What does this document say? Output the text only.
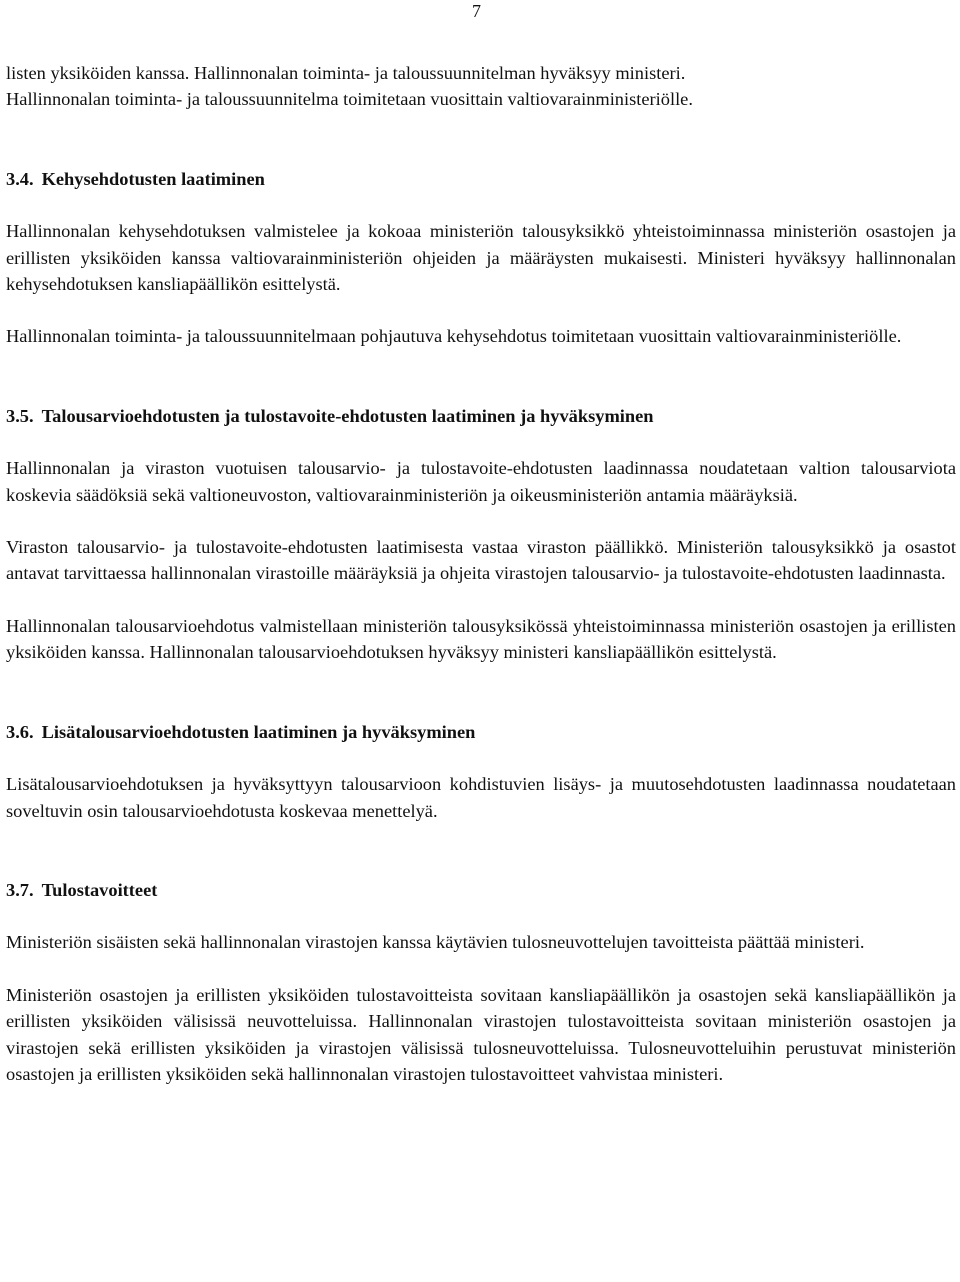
7

listen yksiköiden kanssa. Hallinnonalan toiminta- ja taloussuunnitelman hyväksyy ministeri.

Hallinnonalan toiminta- ja taloussuunnitelma toimitetaan vuosittain valtiovarainministeriölle.

3.4. Kehysehdotusten laatiminen

Hallinnonalan kehysehdotuksen valmistelee ja kokoaa ministeriön talousyksikkö yhteistoiminnassa ministeriön osastojen ja erillisten yksiköiden kanssa valtiovarainministeriön ohjeiden ja määräysten mukaisesti. Ministeri hyväksyy hallinnonalan kehysehdotuksen kansliapäällikön esittelystä.

Hallinnonalan toiminta- ja taloussuunnitelmaan pohjautuva kehysehdotus toimitetaan vuosittain valtiovarainministeriölle.

3.5. Talousarvioehdotusten ja tulostavoite-ehdotusten laatiminen ja hyväksyminen

Hallinnonalan ja viraston vuotuisen talousarvio- ja tulostavoite-ehdotusten laadinnassa noudatetaan valtion talousarviota koskevia säädöksiä sekä valtioneuvoston, valtiovarainministeriön ja oikeusministeriön antamia määräyksiä.

Viraston talousarvio- ja tulostavoite-ehdotusten laatimisesta vastaa viraston päällikkö. Ministeriön talousyksikkö ja osastot antavat tarvittaessa hallinnonalan virastoille määräyksiä ja ohjeita virastojen talousarvio- ja tulostavoite-ehdotusten laadinnasta.

Hallinnonalan talousarvioehdotus valmistellaan ministeriön talousyksikössä yhteistoiminnassa ministeriön osastojen ja erillisten yksiköiden kanssa. Hallinnonalan talousarvioehdotuksen hyväksyy ministeri kansliapäällikön esittelystä.

3.6. Lisätalousarvioehdotusten laatiminen ja hyväksyminen

Lisätalousarvioehdotuksen ja hyväksyttyyn talousarvioon kohdistuvien lisäys- ja muutosehdotusten laadinnassa noudatetaan soveltuvin osin talousarvioehdotusta koskevaa menettelyä.

3.7. Tulostavoitteet

Ministeriön sisäisten sekä hallinnonalan virastojen kanssa käytävien tulosneuvottelujen tavoitteista päättää ministeri.

Ministeriön osastojen ja erillisten yksiköiden tulostavoitteista sovitaan kansliapäällikön ja osastojen sekä kansliapäällikön ja erillisten yksiköiden välisissä neuvotteluissa. Hallinnonalan virastojen tulostavoitteista sovitaan ministeriön osastojen ja virastojen sekä erillisten yksiköiden ja virastojen välisissä tulosneuvotteluissa. Tulosneuvotteluihin perustuvat ministeriön osastojen ja erillisten yksiköiden sekä hallinnonalan virastojen tulostavoitteet vahvistaa ministeri.
